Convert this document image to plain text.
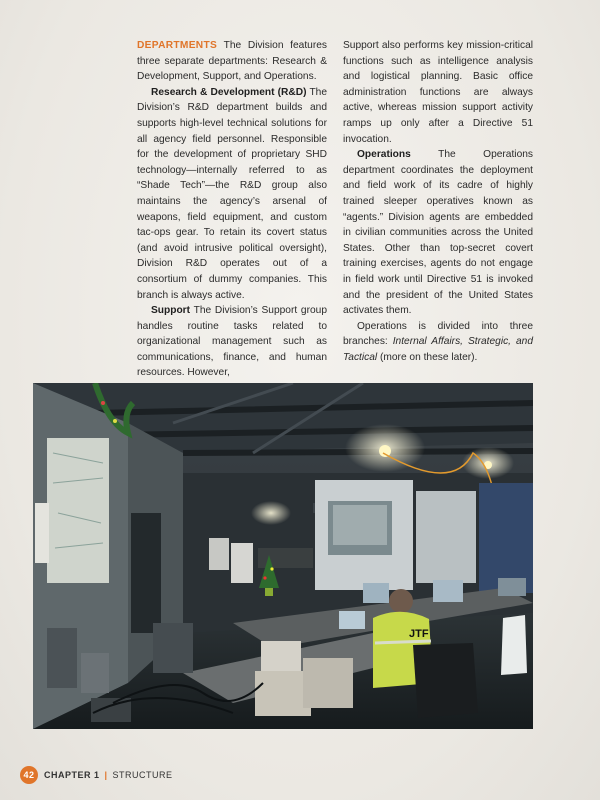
DEPARTMENTS The Division features three separate departments: Research & Development, Support, and Operations.

Research & Development (R&D) The Division’s R&D department builds and supports high-level technical solutions for all agency field personnel. Responsible for the development of proprietary SHD technology—internally referred to as “Shade Tech”—the R&D group also maintains the agency’s arsenal of weapons, field equipment, and custom tac-ops gear. To retain its covert status (and avoid intrusive political oversight), Division R&D operates out of a consortium of dummy companies. This branch is always active.

Support The Division’s Support group handles routine tasks related to organizational management such as communications, finance, and human resources. However,

Support also performs key mission-critical functions such as intelligence analysis and logistical planning. Basic office administration functions are always active, whereas mission support activity ramps up only after a Directive 51 invocation.

Operations The Operations department coordinates the deployment and field work of its cadre of highly trained sleeper operatives known as “agents.” Division agents are embedded in civilian communities across the United States. Other than top-secret covert training exercises, agents do not engage in field work until Directive 51 is invoked and the president of the United States activates them.

Operations is divided into three branches: Internal Affairs, Strategic, and Tactical (more on these later).

JTF
42	CHAPTER 1 | STRUCTURE
